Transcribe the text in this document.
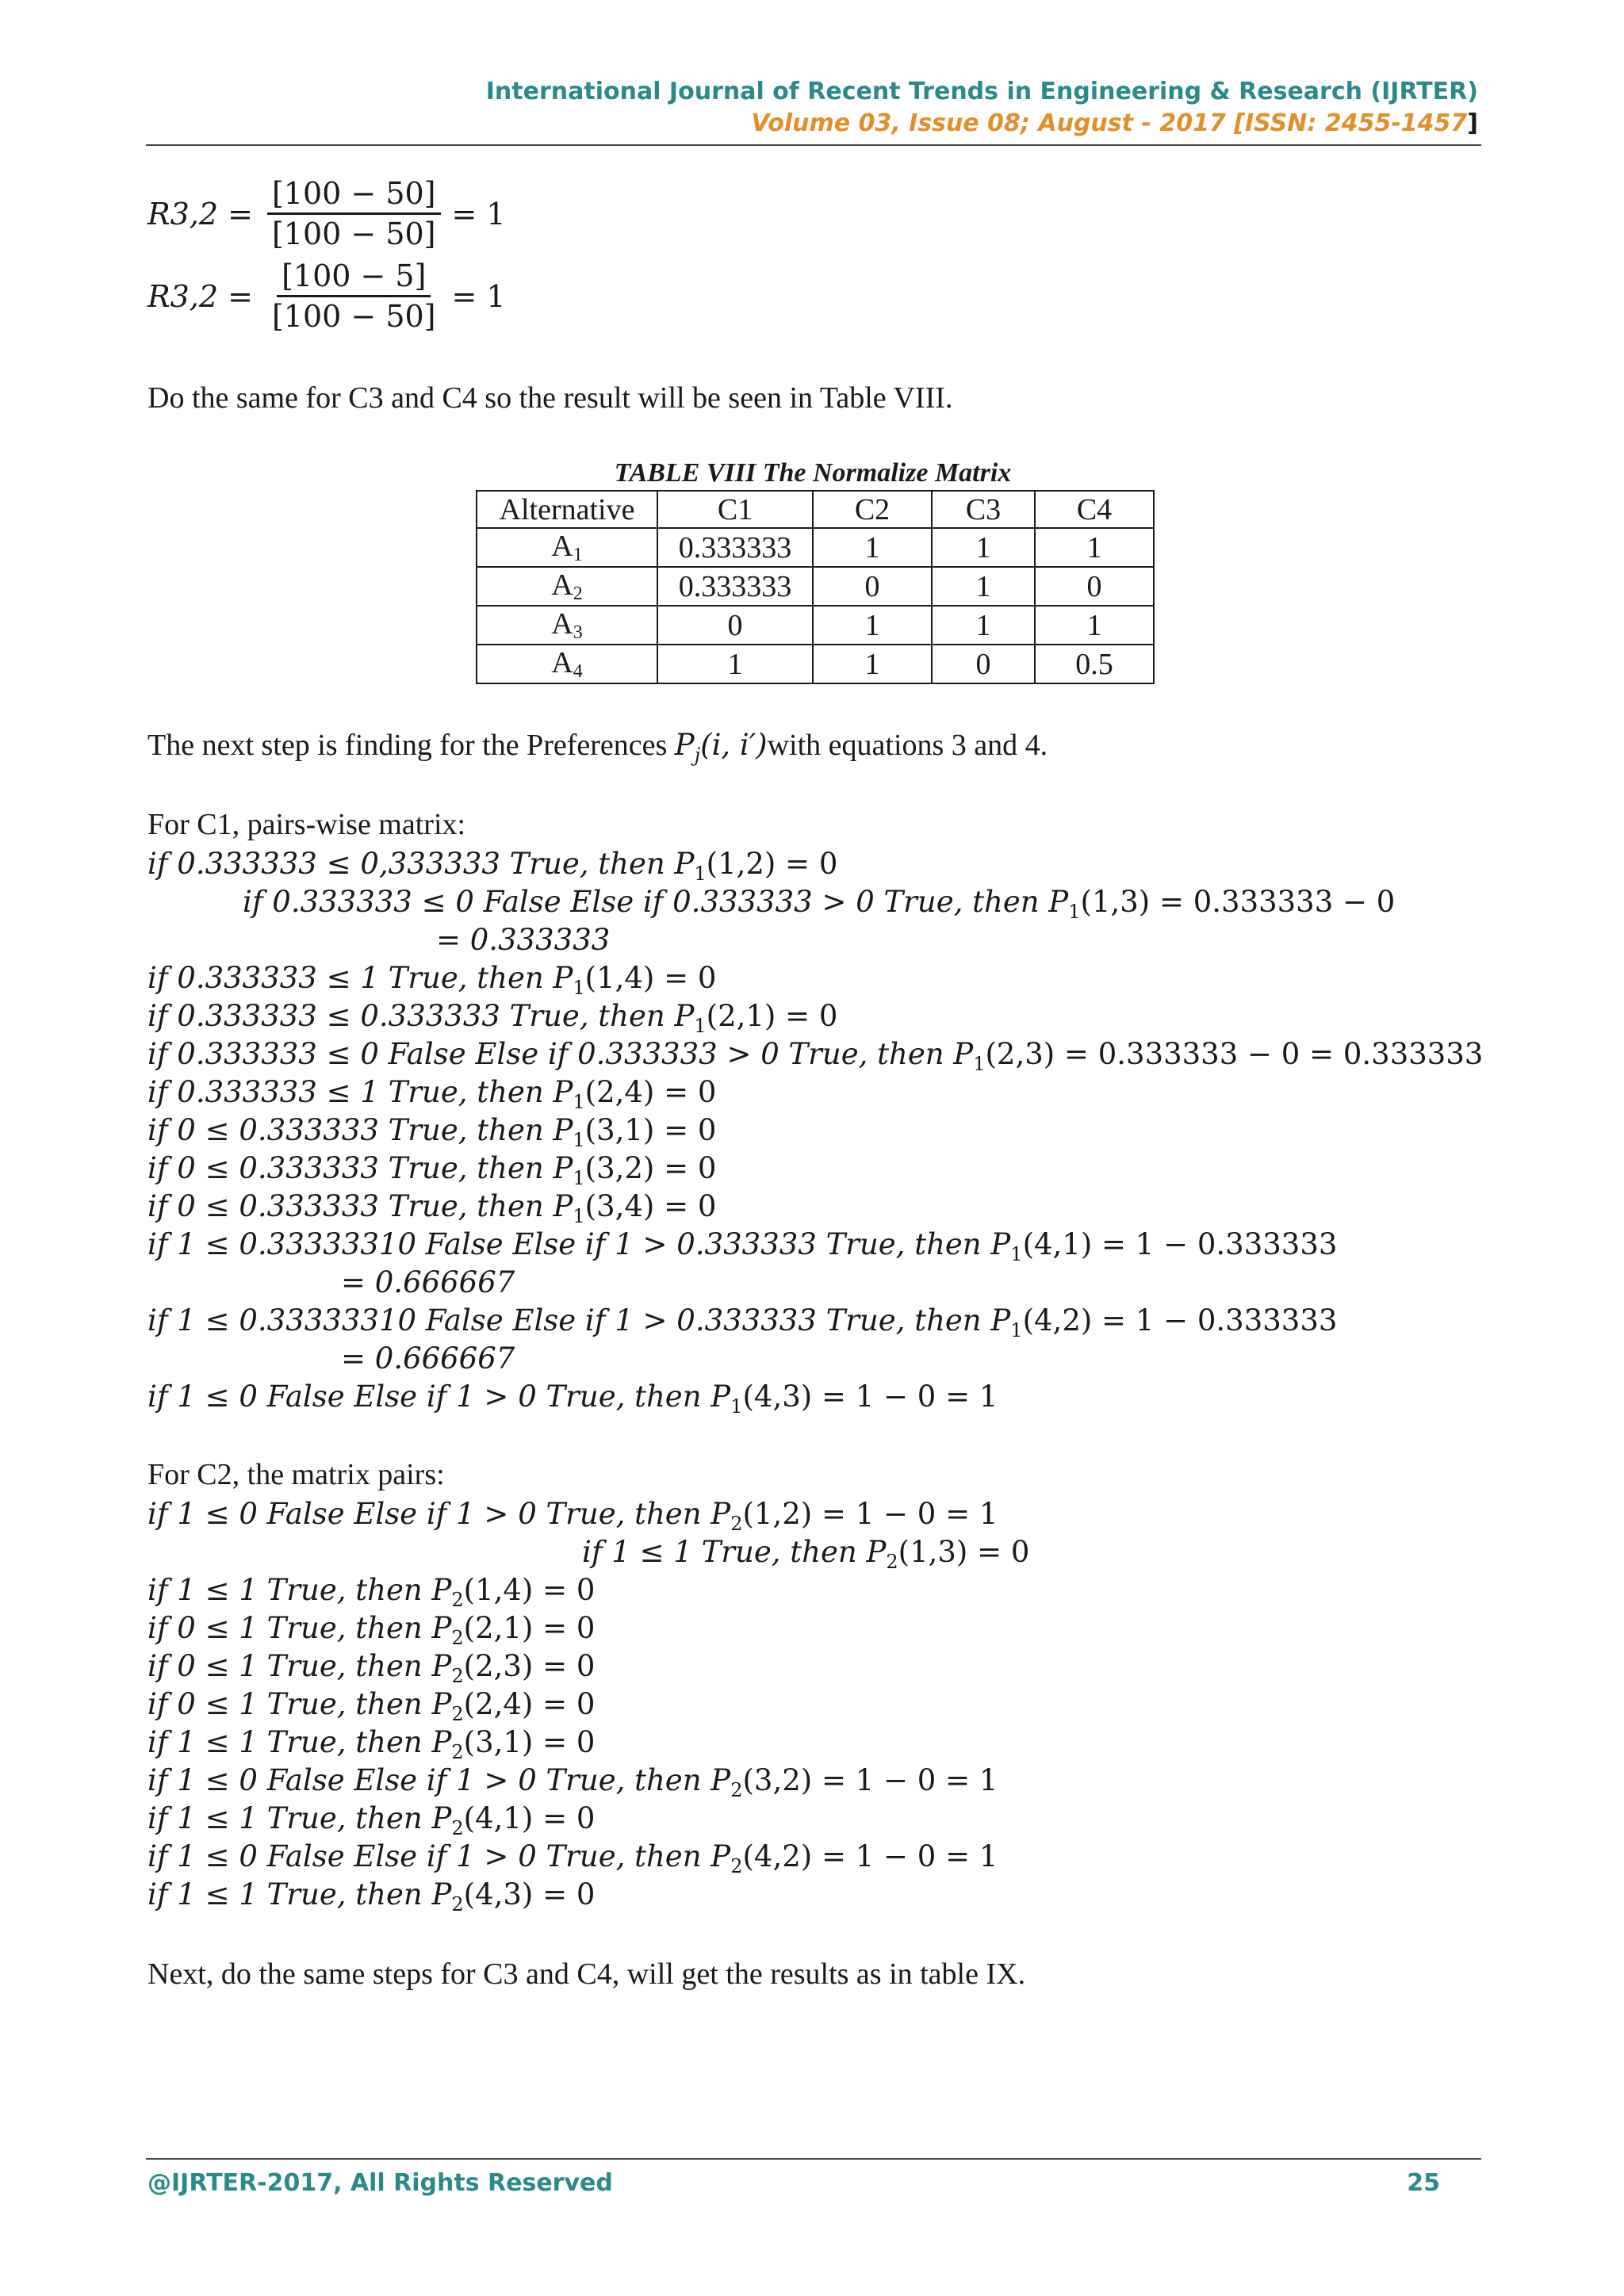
International Journal of Recent Trends in Engineering & Research (IJRTER)
Volume 03, Issue 08; August - 2017 [ISSN: 2455-1457]
$R3,2 = \frac{[100 - 50]}{[100 - 50]} = 1$
$R3,2 = \frac{[100 - 5]}{[100 - 50]} = 1$
Do the same for C3 and C4 so the result will be seen in Table VIII.
TABLE VIII The Normalize Matrix
Alternative	C1	C2	C3	C4
$A_1$	0.333333	1	1	1
$A_2$	0.333333	0	1	0
$A_3$	0	1	1	1
$A_4$	1	1	0	0.5
The next step is finding for the Preferences $P_j(i$, i′)with equations 3 and 4.
For C1, pairs-wise matrix:
if 0.333333 ≤ 0,333333 True, then $P_1(1,2) = 0$
if 0.333333 ≤ 0 False Else if 0.333333 > 0 True, then $P_1(1,3) = 0.333333 - 0$
= 0.333333
if 0.333333 ≤ 1 True, then $P_1(1,4) = 0$
if 0.333333 ≤ 0.333333 True, then $P_1(2,1) = 0$
if 0.333333 ≤ 0 False Else if 0.333333 > 0 True, then $P_1(2,3) = 0.333333 - 0 = 0.333333$
if 0.333333 ≤ 1 True, then $P_1(2,4) = 0$
if 0 ≤ 0.333333 True, then $P_1(3,1) = 0$
if 0 ≤ 0.333333 True, then $P_1(3,2) = 0$
if 0 ≤ 0.333333 True, then $P_1(3,4) = 0$
if 1 ≤ 0.33333310 False Else if 1 > 0.333333 True, then $P_1(4,1) = 1 - 0.333333$
= 0.666667
if 1 ≤ 0.33333310 False Else if 1 > 0.333333 True, then $P_1(4,2) = 1 - 0.333333$
= 0.666667
if 1 ≤ 0 False Else if 1 > 0 True, then $P_1(4,3) = 1 - 0 = 1$
For C2, the matrix pairs:
if 1 ≤ 0 False Else if 1 > 0 True, then $P_2(1,2) = 1 - 0 = 1$
if 1 ≤ 1 True, then $P_2(1,3) = 0$
if 1 ≤ 1 True, then $P_2(1,4) = 0$
if 0 ≤ 1 True, then $P_2(2,1) = 0$
if 0 ≤ 1 True, then $P_2(2,3) = 0$
if 0 ≤ 1 True, then $P_2(2,4) = 0$
if 1 ≤ 1 True, then $P_2(3,1) = 0$
if 1 ≤ 0 False Else if 1 > 0 True, then $P_2(3,2) = 1 - 0 = 1$
if 1 ≤ 1 True, then $P_2(4,1) = 0$
if 1 ≤ 0 False Else if 1 > 0 True, then $P_2(4,2) = 1 - 0 = 1$
if 1 ≤ 1 True, then $P_2(4,3) = 0$
Next, do the same steps for C3 and C4, will get the results as in table IX.
@IJRTER-2017, All Rights Reserved	25
